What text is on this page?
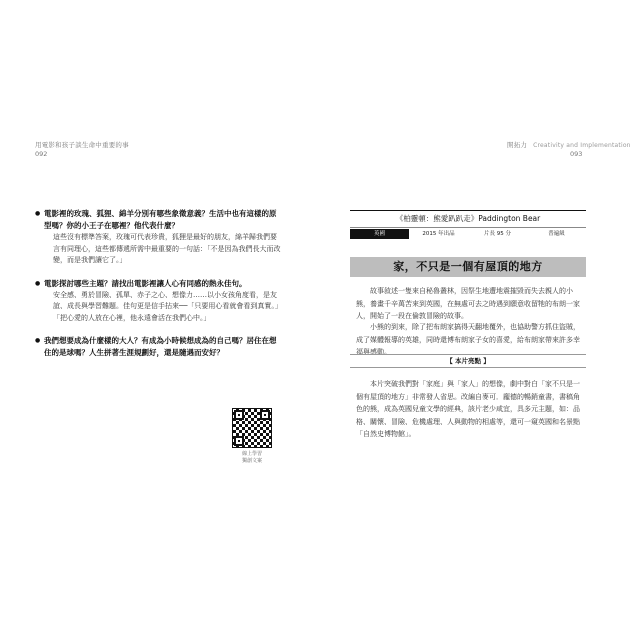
用電影和孩子談生命中重要的事
092
● 電影裡的玫瑰、狐狸、綿羊分別有哪些象徵意義？生活中也有這樣的原型嗎？你的小王子在哪裡？他代表什麼？
這些沒有標準答案，玫瑰可代表珍貴，狐狸是最好的朋友，綿羊歸我們要言有同理心，這些都傳遞所需中最重要的一句話：「不是因為我們長大而改變，而是我們讓它了。」
● 電影探討哪些主題？請找出電影裡讓人心有同感的熱永佳句。
安全感、勇於冒險、孤單、赤子之心、想像力……以小女孩角度看，是友誼、成長與學習難題。佳句更是信手拈來──「只要用心看就會看到真實。」「把心愛的人放在心裡，他永遠會活在我們心中。」
● 我們想要成為什麼樣的大人？有成為小時候想成為的自己嗎？居住在想住的是球嗎？人生拼著生涯規劃好，還是隨遇而安好？
線上學習
獨創文案
開拓力 Creativity and Implementation
093
《柏靈頓：熊愛趴趴走》Paddington Bear
英國	2015 年出品	片長 95 分	普遍級
家，不只是一個有屋頂的地方
故事敘述一隻來自秘魯叢林，因祭生地遭地震摧毀而失去親人的小熊，養畫千辛萬苦來到英國，在無處可去之時遇到願意收留牠的布朗一家人，開始了一段在倫敦冒險的故事。
小熊的到來，除了把布朗家搞得天翻地覆外，也協助警方抓住盜賊，成了媒體報導的英雄，同時還博布朗家子女的喜愛，給布朗家帶來許多幸福與感動。
【 本片亮點 】
本片突破我們對「家庭」與「家人」的想像，劇中對白「家不只是一個有屋頂的地方」非常發人省思。改編自麥可．龐德的暢銷童書，書稿角色的熊，成為英國兒童文學的經典，該片老少咸宜，具多元主題，如：品格、關懷、冒險、危機處理、人與動物的相處等，還可一窺英國和名景點「自然史博物館」。
